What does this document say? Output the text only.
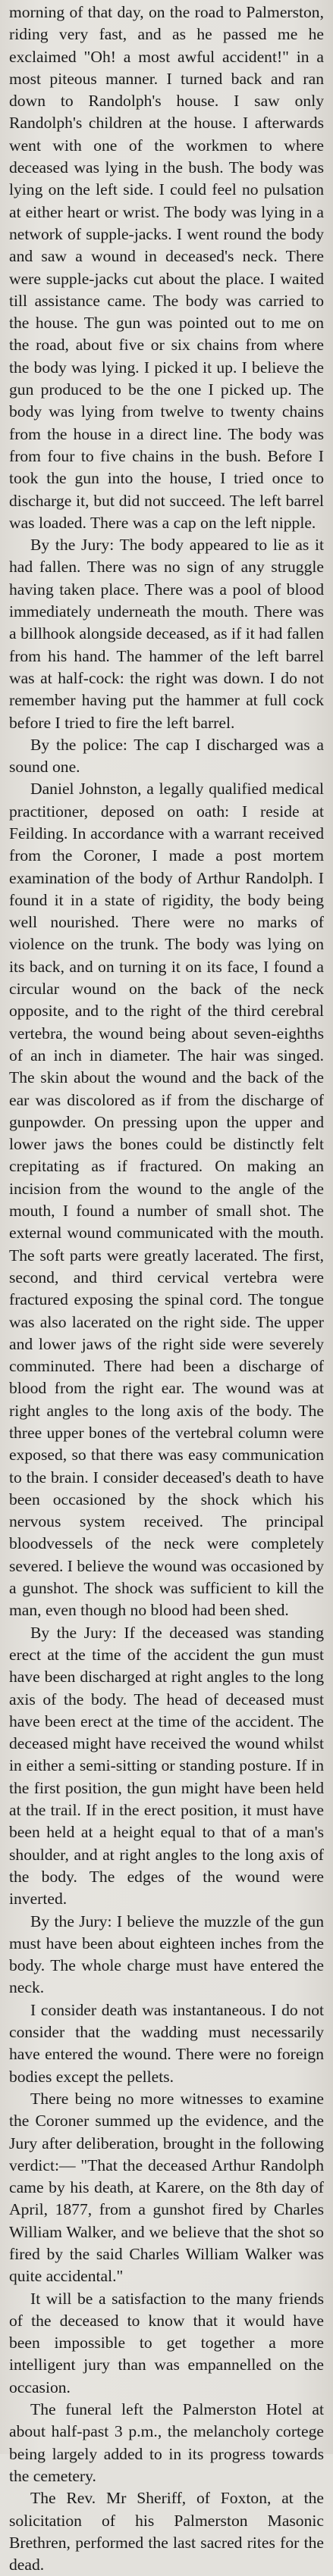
morning of that day, on the road to Palmerston, riding very fast, and as he passed me he exclaimed "Oh! a most awful accident!" in a most piteous manner. I turned back and ran down to Randolph's house. I saw only Randolph's children at the house. I afterwards went with one of the workmen to where deceased was lying in the bush. The body was lying on the left side. I could feel no pulsation at either heart or wrist. The body was lying in a network of supple-jacks. I went round the body and saw a wound in deceased's neck. There were supple-jacks cut about the place. I waited till assistance came. The body was carried to the house. The gun was pointed out to me on the road, about five or six chains from where the body was lying. I picked it up. I believe the gun produced to be the one I picked up. The body was lying from twelve to twenty chains from the house in a direct line. The body was from four to five chains in the bush. Before I took the gun into the house, I tried once to discharge it, but did not succeed. The left barrel was loaded. There was a cap on the left nipple.

By the Jury: The body appeared to lie as it had fallen. There was no sign of any struggle having taken place. There was a pool of blood immediately underneath the mouth. There was a billhook alongside deceased, as if it had fallen from his hand. The hammer of the left barrel was at half-cock: the right was down. I do not remember having put the hammer at full cock before I tried to fire the left barrel.

By the police: The cap I discharged was a sound one.

Daniel Johnston, a legally qualified medical practitioner, deposed on oath: I reside at Feilding. In accordance with a warrant received from the Coroner, I made a post mortem examination of the body of Arthur Randolph. I found it in a state of rigidity, the body being well nourished. There were no marks of violence on the trunk. The body was lying on its back, and on turning it on its face, I found a circular wound on the back of the neck opposite, and to the right of the third cerebral vertebra, the wound being about seven-eighths of an inch in diameter. The hair was singed. The skin about the wound and the back of the ear was discolored as if from the discharge of gunpowder. On pressing upon the upper and lower jaws the bones could be distinctly felt crepitating as if fractured. On making an incision from the wound to the angle of the mouth, I found a number of small shot. The external wound communicated with the mouth. The soft parts were greatly lacerated. The first, second, and third cervical vertebra were fractured exposing the spinal cord. The tongue was also lacerated on the right side. The upper and lower jaws of the right side were severely comminuted. There had been a discharge of blood from the right ear. The wound was at right angles to the long axis of the body. The three upper bones of the vertebral column were exposed, so that there was easy communication to the brain. I consider deceased's death to have been occasioned by the shock which his nervous system received. The principal bloodvessels of the neck were completely severed. I believe the wound was occasioned by a gunshot. The shock was sufficient to kill the man, even though no blood had been shed.

By the Jury: If the deceased was standing erect at the time of the accident the gun must have been discharged at right angles to the long axis of the body. The head of deceased must have been erect at the time of the accident. The deceased might have received the wound whilst in either a semi-sitting or standing posture. If in the first position, the gun might have been held at the trail. If in the erect position, it must have been held at a height equal to that of a man's shoulder, and at right angles to the long axis of the body. The edges of the wound were inverted.

By the Jury: I believe the muzzle of the gun must have been about eighteen inches from the body. The whole charge must have entered the neck.

I consider death was instantaneous. I do not consider that the wadding must necessarily have entered the wound. There were no foreign bodies except the pellets.

There being no more witnesses to examine the Coroner summed up the evidence, and the Jury after deliberation, brought in the following verdict:— "That the deceased Arthur Randolph came by his death, at Karere, on the 8th day of April, 1877, from a gunshot fired by Charles William Walker, and we believe that the shot so fired by the said Charles William Walker was quite accidental."

It will be a satisfaction to the many friends of the deceased to know that it would have been impossible to get together a more intelligent jury than was empannelled on the occasion.

The funeral left the Palmerston Hotel at about half-past 3 p.m., the melancholy cortege being largely added to in its progress towards the cemetery.

The Rev. Mr Sheriff, of Foxton, at the solicitation of his Palmerston Masonic Brethren, performed the last sacred rites for the dead.
